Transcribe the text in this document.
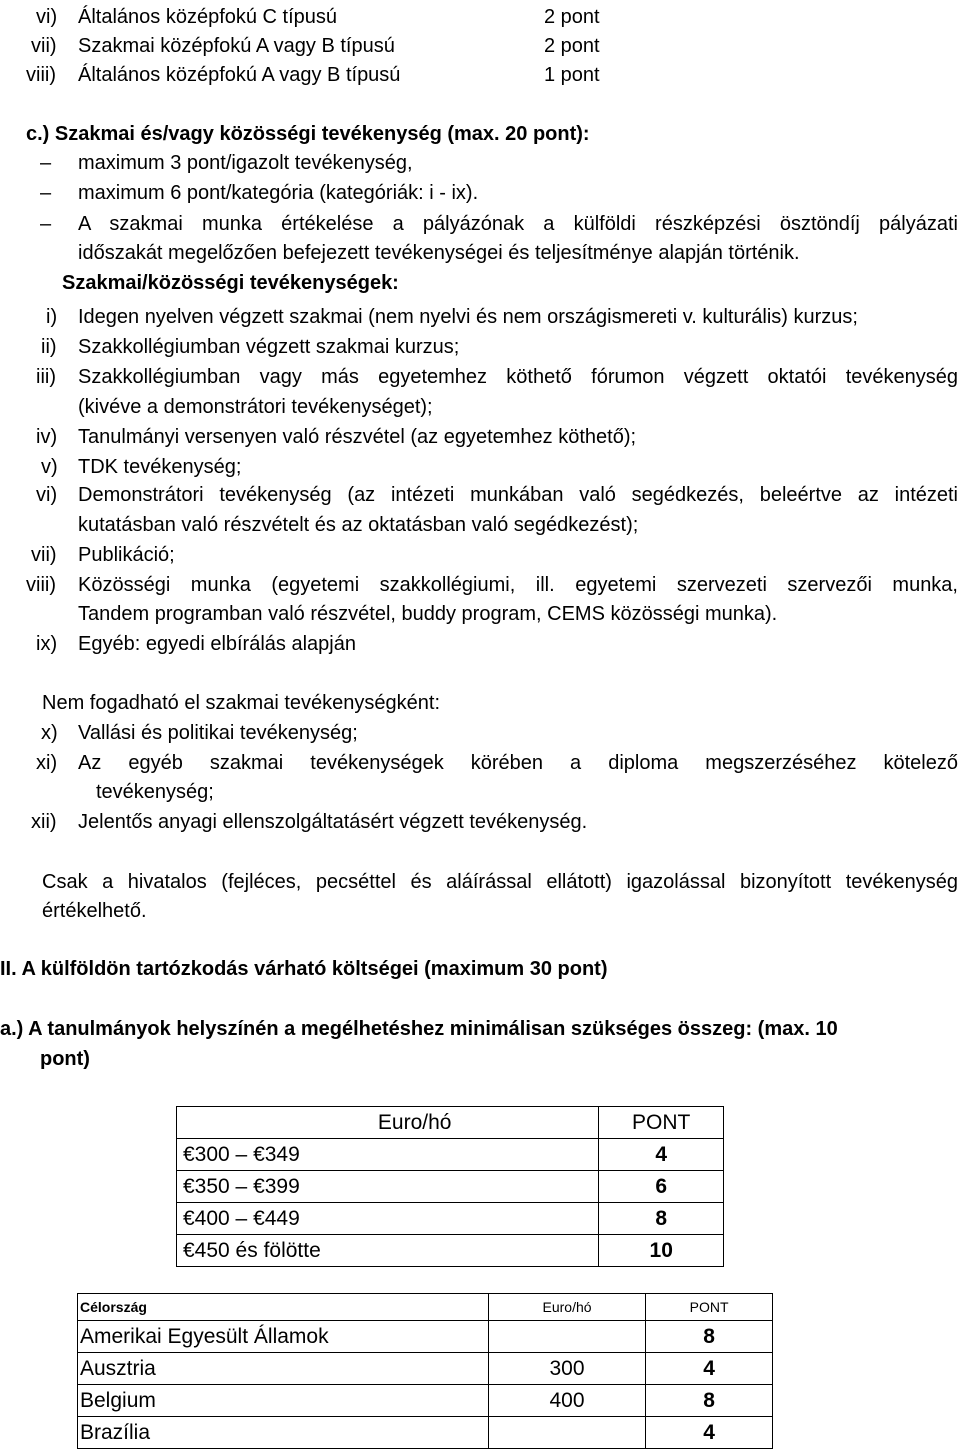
vi) Általános középfokú C típusú	2 pont
vii) Szakmai középfokú A vagy B típusú	2 pont
viii) Általános középfokú A vagy B típusú	1 pont
c.) Szakmai és/vagy közösségi tevékenység (max. 20 pont):
– maximum 3 pont/igazolt tevékenység,
– maximum 6 pont/kategória (kategóriák: i - ix).
– A szakmai munka értékelése a pályázónak a külföldi részképzési ösztöndíj pályázati
időszakát megelőzően befejezett tevékenységei és teljesítménye alapján történik.
Szakmai/közösségi tevékenységek:
i) Idegen nyelven végzett szakmai (nem nyelvi és nem országismereti v. kulturális) kurzus;
ii) Szakkollégiumban végzett szakmai kurzus;
iii) Szakkollégiumban vagy más egyetemhez köthető fórumon végzett oktatói tevékenység
(kivéve a demonstrátori tevékenységet);
iv) Tanulmányi versenyen való részvétel (az egyetemhez köthető);
v) TDK tevékenység;
vi) Demonstrátori tevékenység (az intézeti munkában való segédkezés, beleértve az intézeti
kutatásban való részvételt és az oktatásban való segédkezést);
vii) Publikáció;
viii) Közösségi munka (egyetemi szakkollégiumi, ill. egyetemi szervezeti szervezői munka,
Tandem programban való részvétel, buddy program, CEMS közösségi munka).
ix) Egyéb: egyedi elbírálás alapján
Nem fogadható el szakmai tevékenységként:
x) Vallási és politikai tevékenység;
xi) Az egyéb szakmai tevékenységek körében a diploma megszerzéséhez kötelező
tevékenység;
xii) Jelentős anyagi ellenszolgáltatásért végzett tevékenység.
Csak a hivatalos (fejléces, pecséttel és aláírással ellátott) igazolással bizonyított tevékenység
értékelhető.
II. A külföldön tartózkodás várható költségei (maximum 30 pont)
a.) A tanulmányok helyszínén a megélhetéshez minimálisan szükséges összeg: (max. 10
pont)
Euro/hó	PONT
€300 – €349	4
€350 – €399	6
€400 – €449	8
€450 és fölötte	10
Célország	Euro/hó	PONT
Amerikai Egyesült Államok		8
Ausztria	300	4
Belgium	400	8
Brazília		4
